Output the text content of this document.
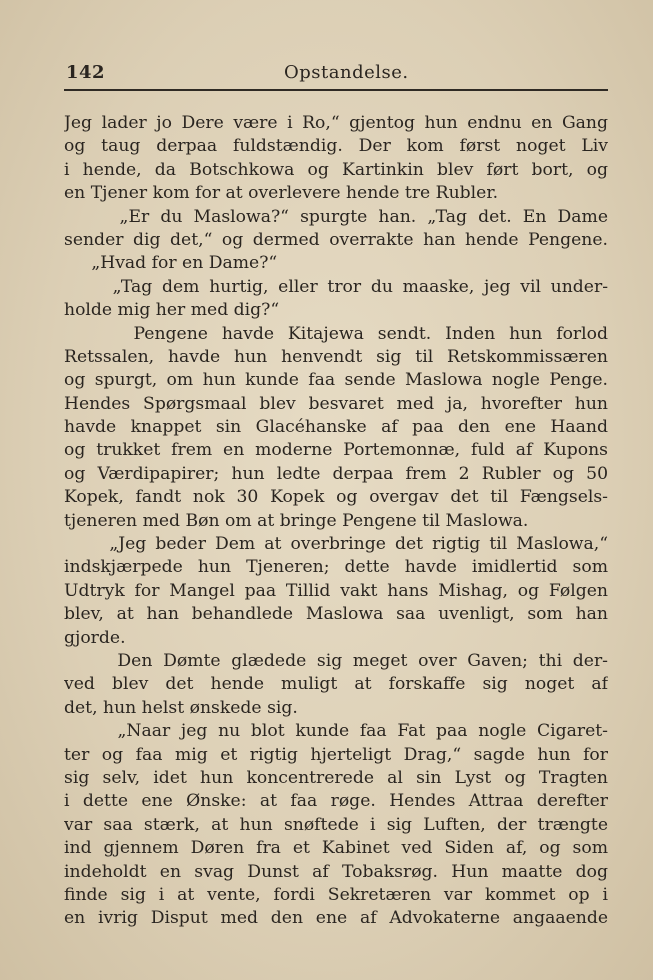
142	Opstandelse.
Jeg lader jo Dere være i Ro,“ gjentog hun endnu en Gang
og taug derpaa fuldstændig. Der kom først noget Liv
i hende, da Botschkowa og Kartinkin blev ført bort, og
en Tjener kom for at overlevere hende tre Rubler.
„Er du Maslowa?“ spurgte han. „Tag det. En Dame
sender dig det,“ og dermed overrakte han hende Pengene.
„Hvad for en Dame?“
„Tag dem hurtig, eller tror du maaske, jeg vil under-
holde mig her med dig?“
Pengene havde Kitajewa sendt. Inden hun forlod
Retssalen, havde hun henvendt sig til Retskommissæren
og spurgt, om hun kunde faa sende Maslowa nogle Penge.
Hendes Spørgsmaal blev besvaret med ja, hvorefter hun
havde knappet sin Glacéhanske af paa den ene Haand
og trukket frem en moderne Portemonnæ, fuld af Kupons
og Værdipapirer; hun ledte derpaa frem 2 Rubler og 50
Kopek, fandt nok 30 Kopek og overgav det til Fængsels-
tjeneren med Bøn om at bringe Pengene til Maslowa.
„Jeg beder Dem at overbringe det rigtig til Maslowa,“
indskjærpede hun Tjeneren; dette havde imidlertid som
Udtryk for Mangel paa Tillid vakt hans Mishag, og Følgen
blev, at han behandlede Maslowa saa uvenligt, som han
gjorde.
Den Dømte glædede sig meget over Gaven; thi der-
ved blev det hende muligt at forskaffe sig noget af
det, hun helst ønskede sig.
„Naar jeg nu blot kunde faa Fat paa nogle Cigaret-
ter og faa mig et rigtig hjerteligt Drag,“ sagde hun for
sig selv, idet hun koncentrerede al sin Lyst og Tragten
i dette ene Ønske: at faa røge. Hendes Attraa derefter
var saa stærk, at hun snøftede i sig Luften, der trængte
ind gjennem Døren fra et Kabinet ved Siden af, og som
indeholdt en svag Dunst af Tobaksrøg. Hun maatte dog
finde sig i at vente, fordi Sekretæren var kommet op i
en ivrig Disput med den ene af Advokaterne angaaende
